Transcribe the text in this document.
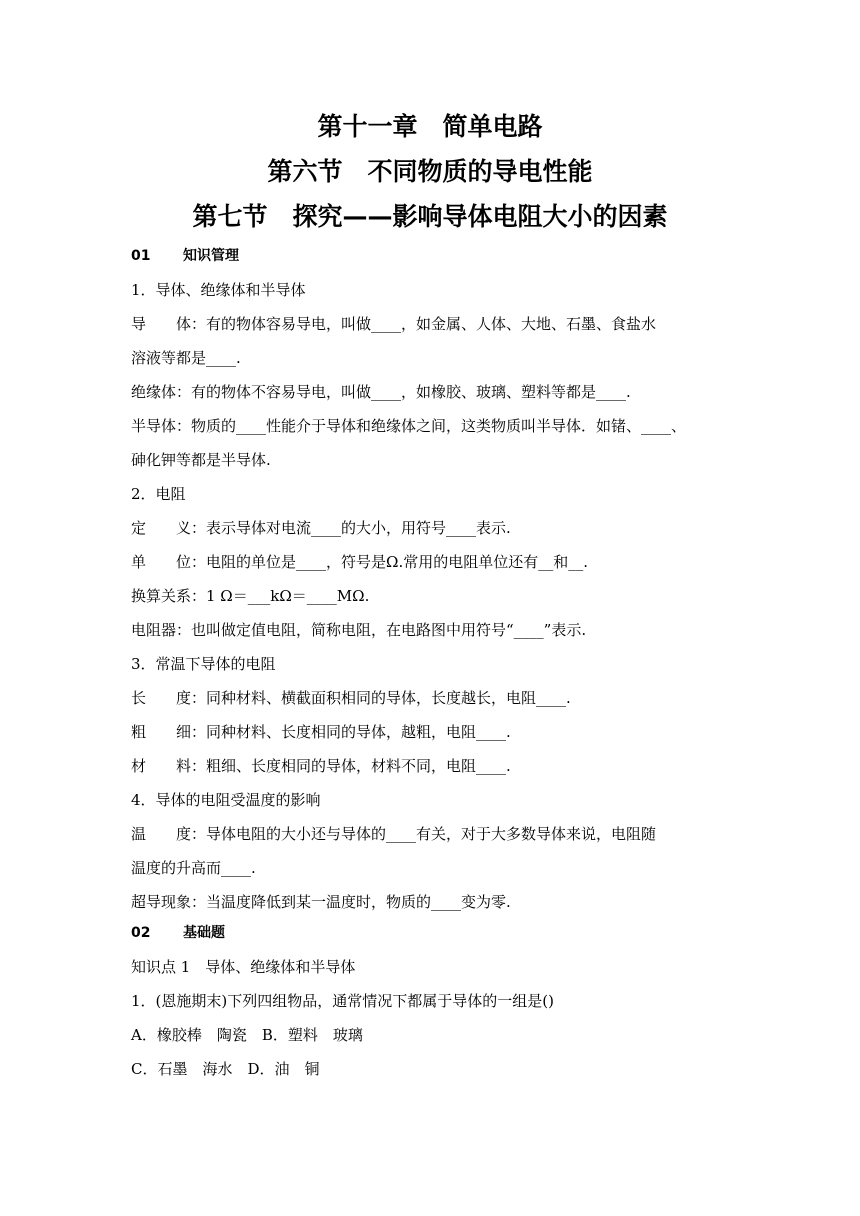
第十一章　简单电路
第六节　不同物质的导电性能
第七节　探究——影响导体电阻大小的因素
01 知识管理
1．导体、绝缘体和半导体
导　　体：有的物体容易导电，叫做____，如金属、人体、大地、石墨、食盐水
溶液等都是____.
绝缘体：有的物体不容易导电，叫做____，如橡胶、玻璃、塑料等都是____.
半导体：物质的____性能介于导体和绝缘体之间，这类物质叫半导体．如锗、____、
砷化钾等都是半导体.
2．电阻
定　　义：表示导体对电流____的大小，用符号____表示.
单　　位：电阻的单位是____，符号是Ω.常用的电阻单位还有__和__.
换算关系：1 Ω＝___kΩ＝____MΩ.
电阻器：也叫做定值电阻，简称电阻，在电路图中用符号“____”表示.
3．常温下导体的电阻
长　　度：同种材料、横截面积相同的导体，长度越长，电阻____.
粗　　细：同种材料、长度相同的导体，越粗，电阻____.
材　　料：粗细、长度相同的导体，材料不同，电阻____.
4．导体的电阻受温度的影响
温　　度：导体电阻的大小还与导体的____有关，对于大多数导体来说，电阻随
温度的升高而____.
超导现象：当温度降低到某一温度时，物质的____变为零.
02 基础题
知识点 1　导体、绝缘体和半导体
1．(恩施期末)下列四组物品，通常情况下都属于导体的一组是()
A．橡胶棒　陶瓷　B．塑料　玻璃
C．石墨　海水　D．油　铜
